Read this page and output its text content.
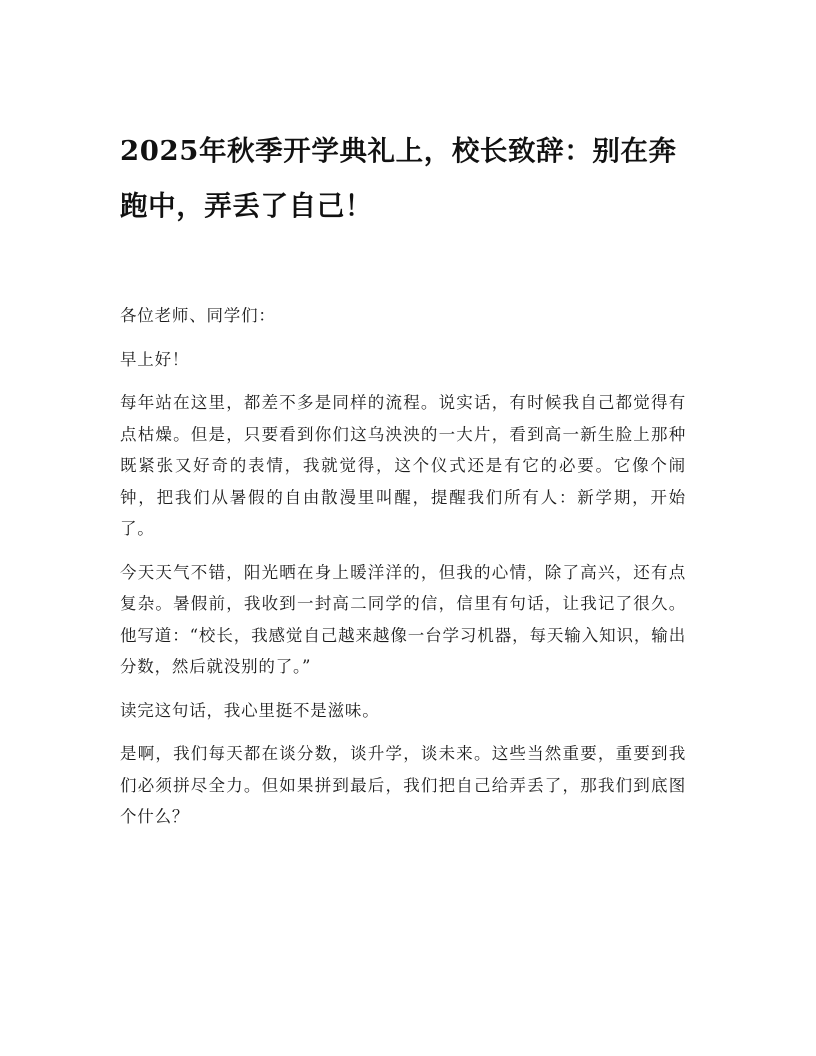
2025年秋季开学典礼上，校长致辞：别在奔跑中，弄丢了自己！

各位老师、同学们：

早上好！

每年站在这里，都差不多是同样的流程。说实话，有时候我自己都觉得有点枯燥。但是，只要看到你们这乌泱泱的一大片，看到高一新生脸上那种既紧张又好奇的表情，我就觉得，这个仪式还是有它的必要。它像个闹钟，把我们从暑假的自由散漫里叫醒，提醒我们所有人：新学期，开始了。

今天天气不错，阳光晒在身上暖洋洋的，但我的心情，除了高兴，还有点复杂。暑假前，我收到一封高二同学的信，信里有句话，让我记了很久。他写道：“校长，我感觉自己越来越像一台学习机器，每天输入知识，输出分数，然后就没别的了。”

读完这句话，我心里挺不是滋味。

是啊，我们每天都在谈分数，谈升学，谈未来。这些当然重要，重要到我们必须拼尽全力。但如果拼到最后，我们把自己给弄丢了，那我们到底图个什么？
